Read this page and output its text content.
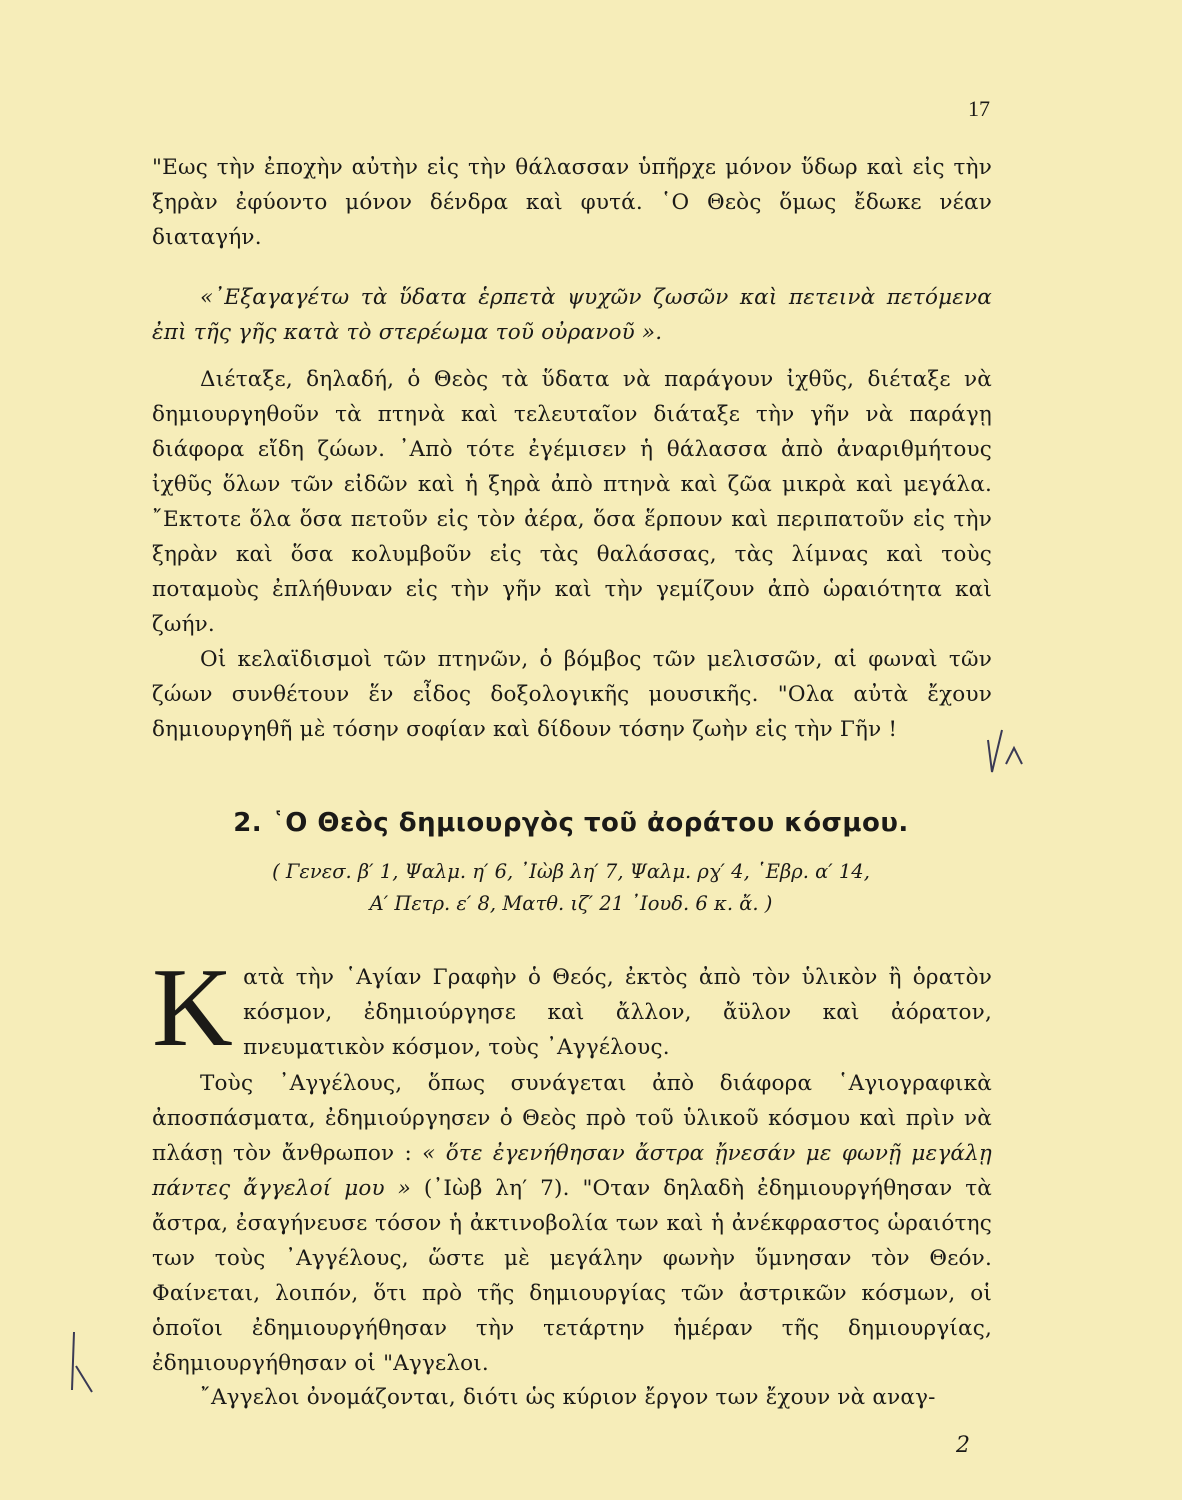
17

"Εως τὴν ἐποχὴν αὐτὴν εἰς τὴν θάλασσαν ὑπῆρχε μόνον ὕδωρ καὶ εἰς τὴν ξηρὰν ἐφύοντο μόνον δένδρα καὶ φυτά. ῾Ο Θεὸς ὅμως ἔδωκε νέαν διαταγήν.

«᾿Εξαγαγέτω τὰ ὕδατα ἑρπετὰ ψυχῶν ζωσῶν καὶ πετεινὰ πετόμενα ἐπὶ τῆς γῆς κατὰ τὸ στερέωμα τοῦ οὐρανοῦ ».

Διέταξε, δηλαδή, ὁ Θεὸς τὰ ὕδατα νὰ παράγουν ἰχθῦς, διέταξε νὰ δημιουργηθοῦν τὰ πτηνὰ καὶ τελευταῖον διάταξε τὴν γῆν νὰ παράγῃ διάφορα εἴδη ζώων. ᾿Απὸ τότε ἐγέμισεν ἡ θάλασσα ἀπὸ ἀναριθμήτους ἰχθῦς ὅλων τῶν εἰδῶν καὶ ἡ ξηρὰ ἀπὸ πτηνὰ καὶ ζῶα μικρὰ καὶ μεγάλα. ῎Εκτοτε ὅλα ὅσα πετοῦν εἰς τὸν ἀέρα, ὅσα ἕρπουν καὶ περιπατοῦν εἰς τὴν ξηρὰν καὶ ὅσα κολυμβοῦν εἰς τὰς θαλάσσας, τὰς λίμνας καὶ τοὺς ποταμοὺς ἐπλήθυναν εἰς τὴν γῆν καὶ τὴν γεμίζουν ἀπὸ ὡραιότητα καὶ ζωήν.

Οἱ κελαϊδισμοὶ τῶν πτηνῶν, ὁ βόμβος τῶν μελισσῶν, αἱ φωναὶ τῶν ζώων συνθέτουν ἕν εἶδος δοξολογικῆς μουσικῆς. "Ολα αὐτὰ ἔχουν δημιουργηθῆ μὲ τόσην σοφίαν καὶ δίδουν τόσην ζωὴν εἰς τὴν Γῆν !

2. ῾Ο Θεὸς δημιουργὸς τοῦ ἀοράτου κόσμου.
( Γενεσ. β′ 1, Ψαλμ. η′ 6, ᾿Ιὼβ λη′ 7, Ψαλμ. ρɣ′ 4, ῾Εβρ. α′ 14,
Α′ Πετρ. ε′ 8, Ματθ. ιζ′ 21 ᾿Ιουδ. 6 κ. ἄ. )
Κ ατὰ τὴν ῾Αγίαν Γραφὴν ὁ Θεός, ἐκτὸς ἀπὸ τὸν ὑλικὸν ἢ ὁρατὸν κόσμον, ἐδημιούργησε καὶ ἄλλον, ἄϋλον καὶ ἀόρατον, πνευματικὸν κόσμον, τοὺς ᾿Αγγέλους.

Τοὺς ᾿Αγγέλους, ὅπως συνάγεται ἀπὸ διάφορα ῾Αγιογραφικὰ ἀποσπάσματα, ἐδημιούργησεν ὁ Θεὸς πρὸ τοῦ ὑλικοῦ κόσμου καὶ πρὶν νὰ πλάσῃ τὸν ἄνθρωπον : « ὅτε ἐγενήθησαν ἄστρα ᾔνεσάν με φωνῇ μεγάλῃ πάντες ἄγγελοί μου » (᾿Ιὼβ λη′ 7). "Οταν δηλαδὴ ἐδημιουργήθησαν τὰ ἄστρα, ἐσαγήνευσε τόσον ἡ ἀκτινοβολία των καὶ ἡ ἀνέκφραστος ὡραιότης των τοὺς ᾿Αγγέλους, ὥστε μὲ μεγάλην φωνὴν ὕμνησαν τὸν Θεόν. Φαίνεται, λοιπόν, ὅτι πρὸ τῆς δημιουργίας τῶν ἀστρικῶν κόσμων, οἱ ὁποῖοι ἐδημιουργήθησαν τὴν τετάρτην ἡμέραν τῆς δημιουργίας, ἐδημιουργήθησαν οἱ "Αγγελοι.

῎Αγγελοι ὀνομάζονται, διότι ὡς κύριον ἔργον των ἔχουν νὰ αναγ-

2
